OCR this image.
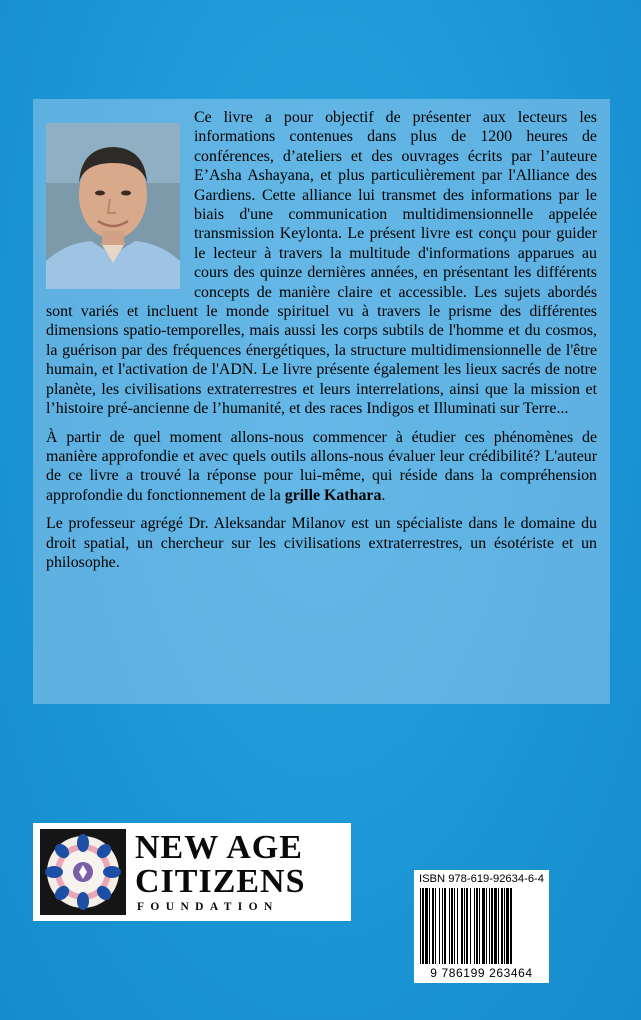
Ce livre a pour objectif de présenter aux lecteurs les informations contenues dans plus de 1200 heures de conférences, d’ateliers et des ouvrages écrits par l’auteure E’Asha Ashayana, et plus particulièrement par l'Alliance des Gardiens. Cette alliance lui transmet des informations par le biais d'une communication multidimensionnelle appelée transmission Keylonta. Le présent livre est conçu pour guider le lecteur à travers la multitude d'informations apparues au cours des quinze dernières années, en présentant les différents concepts de manière claire et accessible. Les sujets abordés sont variés et incluent le monde spirituel vu à travers le prisme des différentes dimensions spatio-temporelles, mais aussi les corps subtils de l'homme et du cosmos, la guérison par des fréquences énergétiques, la structure multidimensionnelle de l'être humain, et l'activation de l'ADN. Le livre présente également les lieux sacrés de notre planète, les civilisations extraterrestres et leurs interrelations, ainsi que la mission et l’histoire pré-ancienne de l’humanité, et des races Indigos et Illuminati sur Terre...

À partir de quel moment allons-nous commencer à étudier ces phénomènes de manière approfondie et avec quels outils allons-nous évaluer leur crédibilité? L'auteur de ce livre a trouvé la réponse pour lui-même, qui réside dans la compréhension approfondie du fonctionnement de la grille Kathara.

Le professeur agrégé Dr. Aleksandar Milanov est un spécialiste dans le domaine du droit spatial, un chercheur sur les civilisations extraterrestres, un ésotériste et un philosophe.

NEW AGE
CITIZENS
FOUNDATION
ISBN 978-619-92634-6-4
9 786199 263464
